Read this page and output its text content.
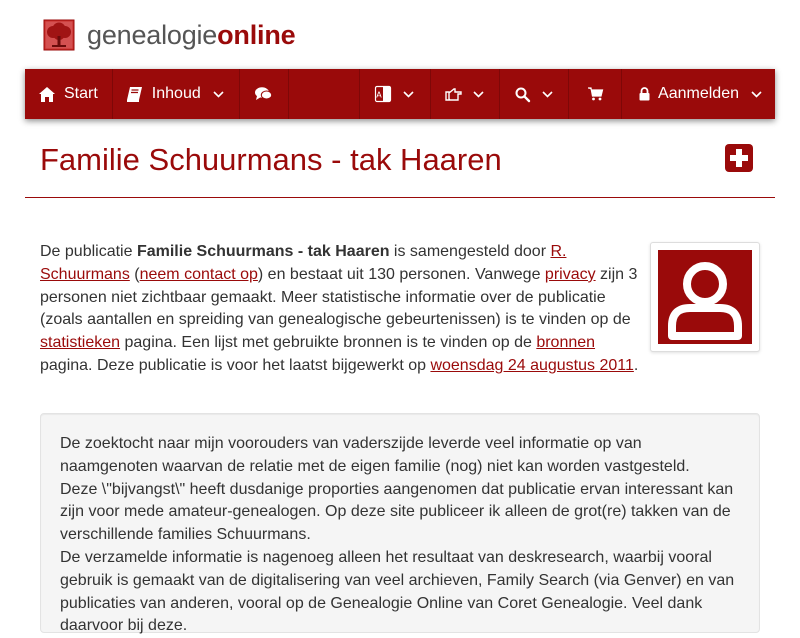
genealogieonline
Start	Inhoud	A	Aanmelden
Familie Schuurmans - tak Haaren

De publicatie Familie Schuurmans - tak Haaren is samengesteld door R. Schuurmans (neem contact op) en bestaat uit 130 personen. Vanwege privacy zijn 3 personen niet zichtbaar gemaakt. Meer statistische informatie over de publicatie (zoals aantallen en spreiding van genealogische gebeurtenissen) is te vinden op de statistieken pagina. Een lijst met gebruikte bronnen is te vinden op de bronnen pagina. Deze publicatie is voor het laatst bijgewerkt op woensdag 24 augustus 2011.

De zoektocht naar mijn voorouders van vaderszijde leverde veel informatie op van naamgenoten waarvan de relatie met de eigen familie (nog) niet kan worden vastgesteld.
Deze \"bijvangst\" heeft dusdanige proporties aangenomen dat publicatie ervan interessant kan zijn voor mede amateur-genealogen. Op deze site publiceer ik alleen de grot(re) takken van de verschillende families Schuurmans.
De verzamelde informatie is nagenoeg alleen het resultaat van deskresearch, waarbij vooral gebruik is gemaakt van de digitalisering van veel archieven, Family Search (via Genver) en van publicaties van anderen, vooral op de Genealogie Online van Coret Genealogie. Veel dank daarvoor bij deze.
